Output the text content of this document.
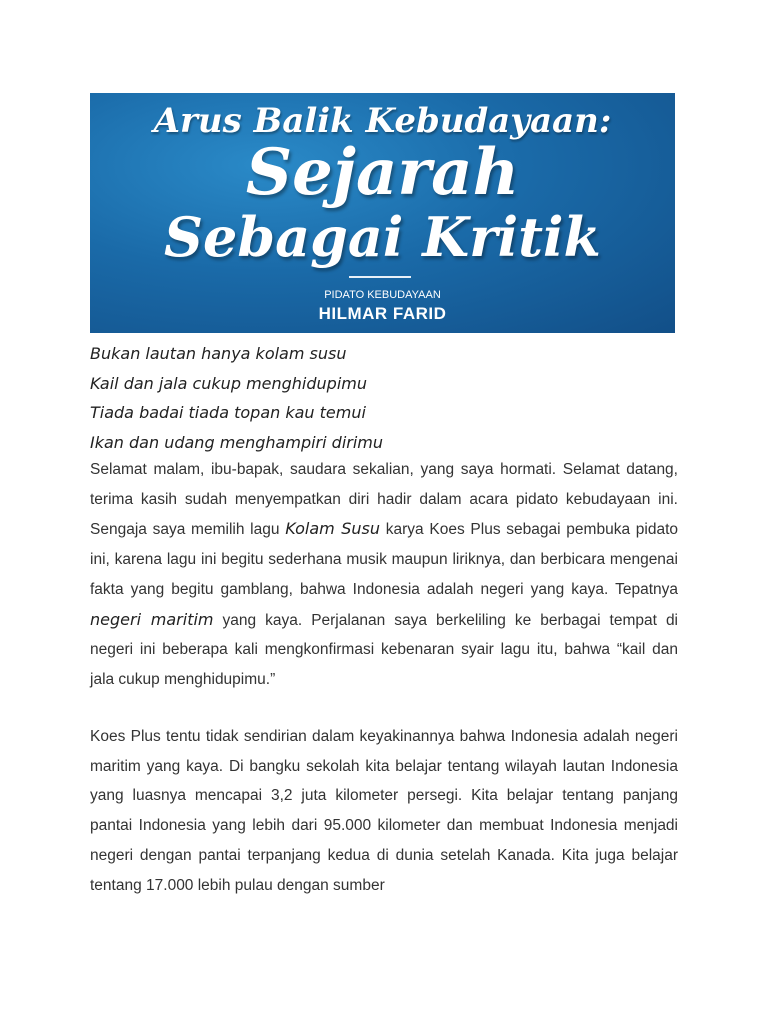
Arus Balik Kebudayaan:
Sejarah
Sebagai Kritik
PIDATO KEBUDAYAAN
HILMAR FARID
Bukan lautan hanya kolam susu
Kail dan jala cukup menghidupimu
Tiada badai tiada topan kau temui
Ikan dan udang menghampiri dirimu

Selamat malam, ibu-bapak, saudara sekalian, yang saya hormati. Selamat datang, terima kasih sudah menyempatkan diri hadir dalam acara pidato kebudayaan ini. Sengaja saya memilih lagu Kolam Susu karya Koes Plus sebagai pembuka pidato ini, karena lagu ini begitu sederhana musik maupun liriknya, dan berbicara mengenai fakta yang begitu gamblang, bahwa Indonesia adalah negeri yang kaya. Tepatnya negeri maritim yang kaya. Perjalanan saya berkeliling ke berbagai tempat di negeri ini beberapa kali mengkonfirmasi kebenaran syair lagu itu, bahwa “kail dan jala cukup menghidupimu.”

Koes Plus tentu tidak sendirian dalam keyakinannya bahwa Indonesia adalah negeri maritim yang kaya. Di bangku sekolah kita belajar tentang wilayah lautan Indonesia yang luasnya mencapai 3,2 juta kilometer persegi. Kita belajar tentang panjang pantai Indonesia yang lebih dari 95.000 kilometer dan membuat Indonesia menjadi negeri dengan pantai terpanjang kedua di dunia setelah Kanada. Kita juga belajar tentang 17.000 lebih pulau dengan sumber
